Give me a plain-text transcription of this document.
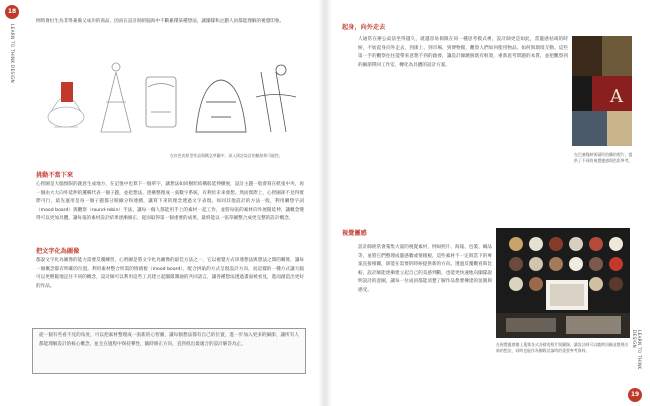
18
LEARN TO THINK DESIGN
例時會衍生為非得兼備又成功的商品，因而在設計師的腦海中不斷累積某種想法，讓團隊和企劃人員都能理解的視覺印象。
在紅色的原型作品與概念草圖中，深入探討設計的脈絡和可能性。
挑動不當下來
心智圖是大腦無限的創意生成地方，在記憶中也算下一個單字，讓想法如同樹狀結構般延伸擴展，設計主題一般會寫在紙張中央，再一個由大大向外延伸的邏輯代表一個子題，並把想法，逐漸整理成一張數字系統，有利於未來發想。然而實際上，心智圖卻不見得實際可行，最先運用是每一個子題都分開細分和連續，讓寫下來的理念透過文字表現。如同其他設計的方法一般，利用聯想字詞（mood board）與觀察（round-robin）手法，讓每一個人都能用手上的素材一起工作，並將每張的素材向外展開延伸，讓概念變得可以更加具體，讓每張的素材設計結果逐漸修正，從而取得第一個重要的成果，最終能以一張草圖整合成更完整的設計概念。
把文字化為圖像
都說文字化為圖像的能力需要反覆練習，心智圖是將文字化為圖像的最佳方法之一，它以視覺方式串連想法與想法之間的關係，讓每一個概念都有明確的位置。利用素材整合所需的情緒板（mood board），配合拼貼的方式呈現設計方向，而這樣的一種方式讓大腦可以更輕鬆地記住不同的概念，設計師可以利用這些工具建立起團隊溝通的共同語言，讓各種想法透過畫面被看見，進而創造出更好的作品。
從一個有些看不見的角度，可以把素材整理成一張新的心智圖，讓每個想法都有自己的位置，進一步加入更多的細節，讓所有人都能理解設計的核心概念，並且在過程中保持彈性，隨時修正方向，直到找出最適合的設計解答為止。
19
LEARN TO THINK DESIGN
起身，向外走去
人通常在辦公桌前坐得越久，就越容易侷限在同一種思考模式裡，設計師更是如此，當靈感枯竭的時候，不妨起身向外走去，到街上、到市場、到博物館，觀察人們如何使用物品、如何與環境互動。這些第一手的觀察往往能帶來意想不到的啟發，讓設計師跳脫既有框架，重新思考問題的本質，並把觀察到的細節帶回工作室，轉化為具體的設計方案。
A
在巴塞隆納街頭所拍攝的照片，提供了不同的視覺靈感與色彩參考。
視覺靈感
設計師經常會蒐集大量的視覺素材，例如照片、海報、包裝、織品等，並將它們整理成靈感牆或情緒板，這些素材不一定與當下的專案直接相關，卻能在需要的時候提供新的方向。透過反覆觀看與比較，設計師能逐漸建立起自己的美感判斷，也能更快速地向團隊說明設計的意圖，讓每一位成員都能清楚了解作品想要傳達的氛圍與感受。
在視覺靈感牆上蒐集各式各樣的照片與圖像，讓設計師可以隨時回顧並整理出新的想法，同時也能作為團隊討論時的重要參考資料。
